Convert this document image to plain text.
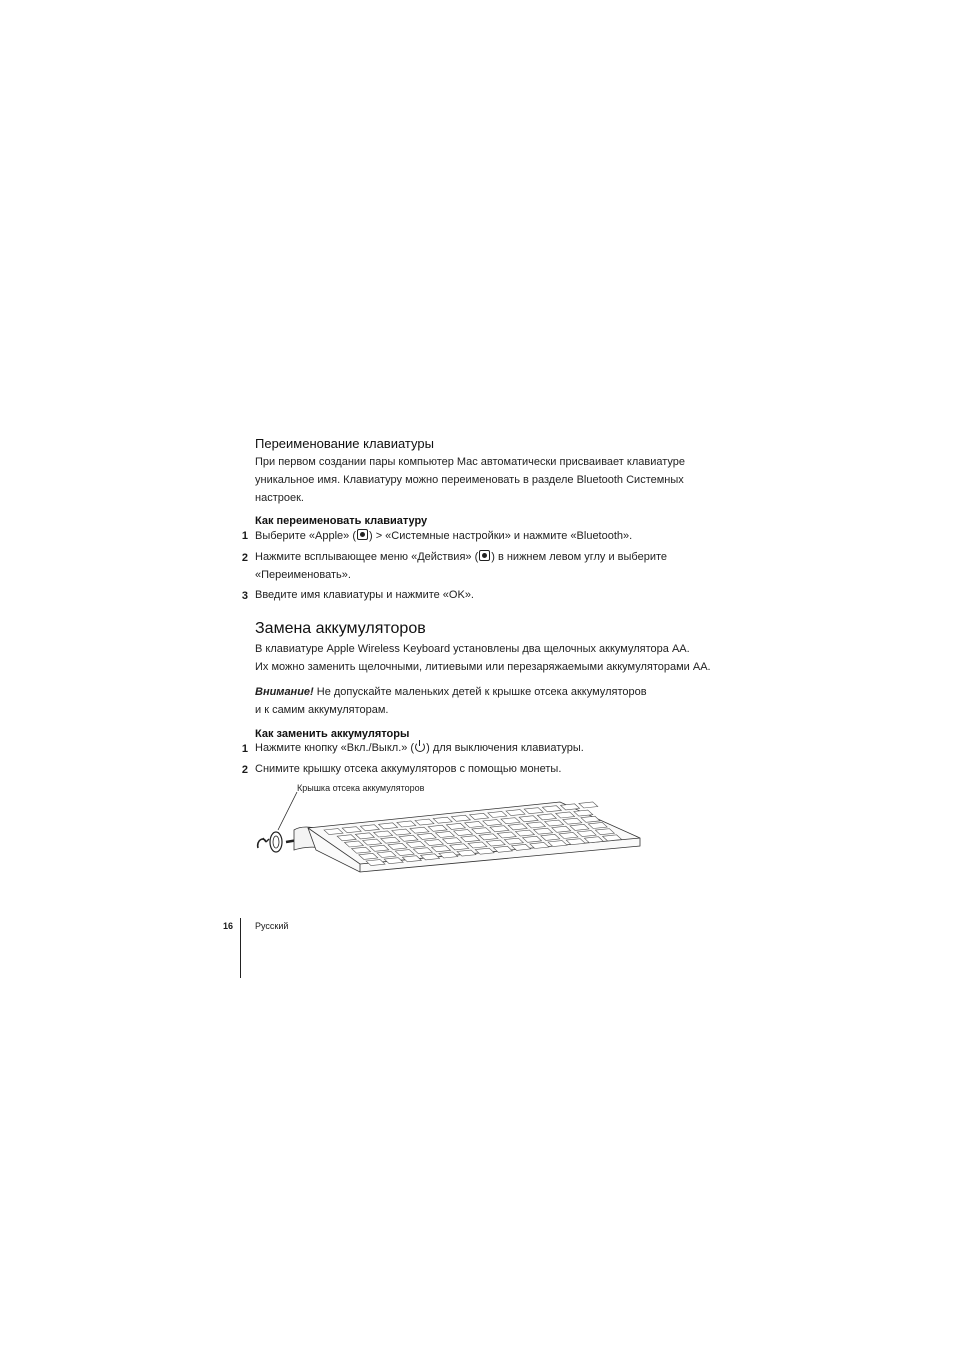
Переименование клавиатуры
При первом создании пары компьютер Mac автоматически присваивает клавиатуре
уникальное имя. Клавиатуру можно переименовать в разделе Bluetooth Системных
настроек.
Как переименовать клавиатуру
1 Выберите «Apple» ( ) > «Системные настройки» и нажмите «Bluetooth».
2 Нажмите всплывающее меню «Действия» ( ) в нижнем левом углу и выберите
«Переименовать».
3 Введите имя клавиатуры и нажмите «OK».
Замена аккумуляторов
В клавиатуре Apple Wireless Keyboard установлены два щелочных аккумулятора AA.
Их можно заменить щелочными, литиевыми или перезаряжаемыми аккумуляторами AA.
Внимание! Не допускайте маленьких детей к крышке отсека аккумуляторов
и к самим аккумуляторам.
Как заменить аккумуляторы
1 Нажмите кнопку «Вкл./Выкл.» ( ) для выключения клавиатуры.
2 Снимите крышку отсека аккумуляторов с помощью монеты.
Крышка отсека аккумуляторов
16 Русский
